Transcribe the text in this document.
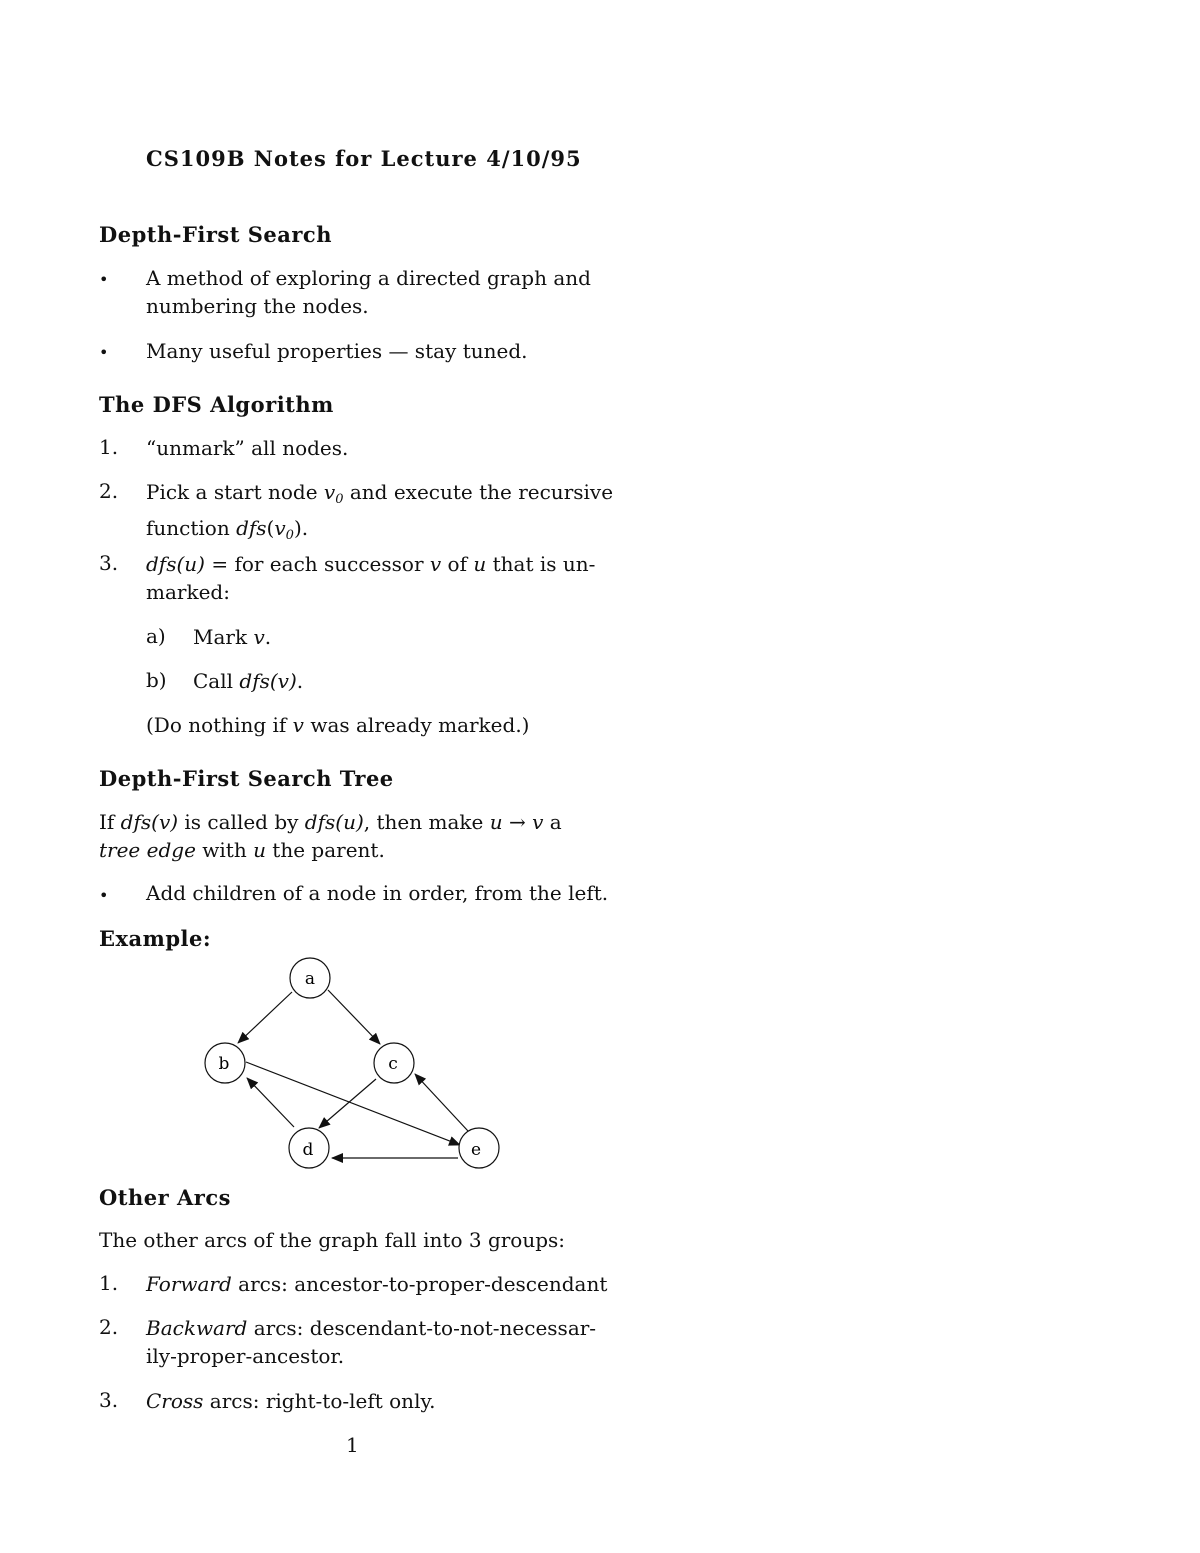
CS109B Notes for Lecture 4/10/95
Depth-First Search
• A method of exploring a directed graph and
numbering the nodes.
• Many useful properties — stay tuned.
The DFS Algorithm
1. “unmark” all nodes.
2. Pick a start node $v_0$ and execute the recursive
function $dfs(v_0)$.
3. dfs(u) = for each successor v of u that is un-
marked:
a) Mark v.
b) Call dfs(v).
(Do nothing if v was already marked.)
Depth-First Search Tree
If dfs(v) is called by dfs(u), then make u → v a
tree edge with u the parent.
• Add children of a node in order, from the left.
Example:
a
b	c
d	e
Other Arcs
The other arcs of the graph fall into 3 groups:
1. Forward arcs: ancestor-to-proper-descendant
2. Backward arcs: descendant-to-not-necessar-
ily-proper-ancestor.
3. Cross arcs: right-to-left only.
1
